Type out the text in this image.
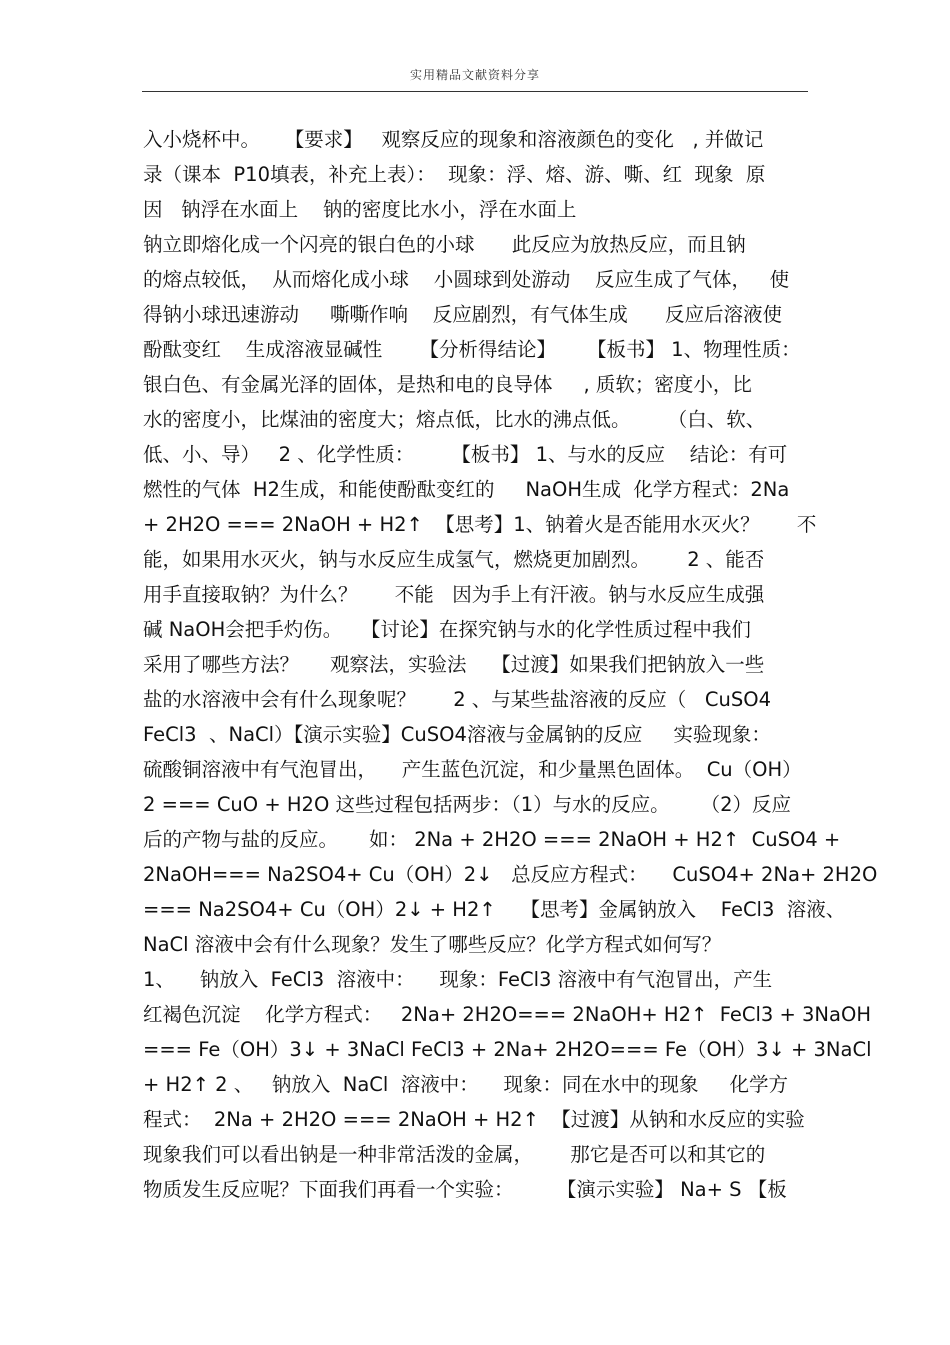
实用精品文献资料分享
入小烧杯中。    【要求】   观察反应的现象和溶液颜色的变化   , 并做记
录（课本  P10填表，补充上表）：  现象：浮、熔、游、嘶、红  现象  原
因   钠浮在水面上    钠的密度比水小，浮在水面上
钠立即熔化成一个闪亮的银白色的小球      此反应为放热反应，而且钠
的熔点较低，  从而熔化成小球    小圆球到处游动    反应生成了气体，   使
得钠小球迅速游动     嘶嘶作响    反应剧烈，有气体生成      反应后溶液使
酚酞变红    生成溶液显碱性      【分析得结论】     【板书】 1、物理性质：
银白色、有金属光泽的固体，是热和电的良导体     , 质软；密度小，比
水的密度小，比煤油的密度大；熔点低，比水的沸点低。      （白、软、
低、小、导）   2 、化学性质：      【板书】 1、与水的反应    结论：有可
燃性的气体  H2生成，和能使酚酞变红的     NaOH生成  化学方程式：2Na
+ 2H2O === 2NaOH + H2↑  【思考】1、钠着火是否能用水灭火？      不
能，如果用水灭火，钠与水反应生成氢气，燃烧更加剧烈。      2 、能否
用手直接取钠？为什么？      不能   因为手上有汗液。钠与水反应生成强
碱 NaOH会把手灼伤。   【讨论】在探究钠与水的化学性质过程中我们
采用了哪些方法？     观察法，实验法    【过渡】如果我们把钠放入一些
盐的水溶液中会有什么现象呢？      2 、与某些盐溶液的反应（   CuSO4
FeCl3  、NaCl）【演示实验】CuSO4溶液与金属钠的反应     实验现象：
硫酸铜溶液中有气泡冒出，    产生蓝色沉淀，和少量黑色固体。  Cu（OH）
2 === CuO + H2O 这些过程包括两步：（1）与水的反应。     （2）反应
后的产物与盐的反应。     如： 2Na + 2H2O === 2NaOH + H2↑  CuSO4 +
2NaOH=== Na2SO4+ Cu（OH）2↓   总反应方程式：    CuSO4+ 2Na+ 2H2O
=== Na2SO4+ Cu（OH）2↓ + H2↑    【思考】金属钠放入    FeCl3  溶液、
NaCl 溶液中会有什么现象？发生了哪些反应？化学方程式如何写？
1、    钠放入  FeCl3  溶液中：    现象：FeCl3 溶液中有气泡冒出，产生
红褐色沉淀    化学方程式：   2Na+ 2H2O=== 2NaOH+ H2↑  FeCl3 + 3NaOH
=== Fe（OH）3↓ + 3NaCl FeCl3 + 2Na+ 2H2O=== Fe（OH）3↓ + 3NaCl
+ H2↑ 2 、   钠放入  NaCl  溶液中：    现象：同在水中的现象     化学方
程式：  2Na + 2H2O === 2NaOH + H2↑  【过渡】从钠和水反应的实验
现象我们可以看出钠是一种非常活泼的金属，      那它是否可以和其它的
物质发生反应呢？下面我们再看一个实验：       【演示实验】 Na+ S 【板
